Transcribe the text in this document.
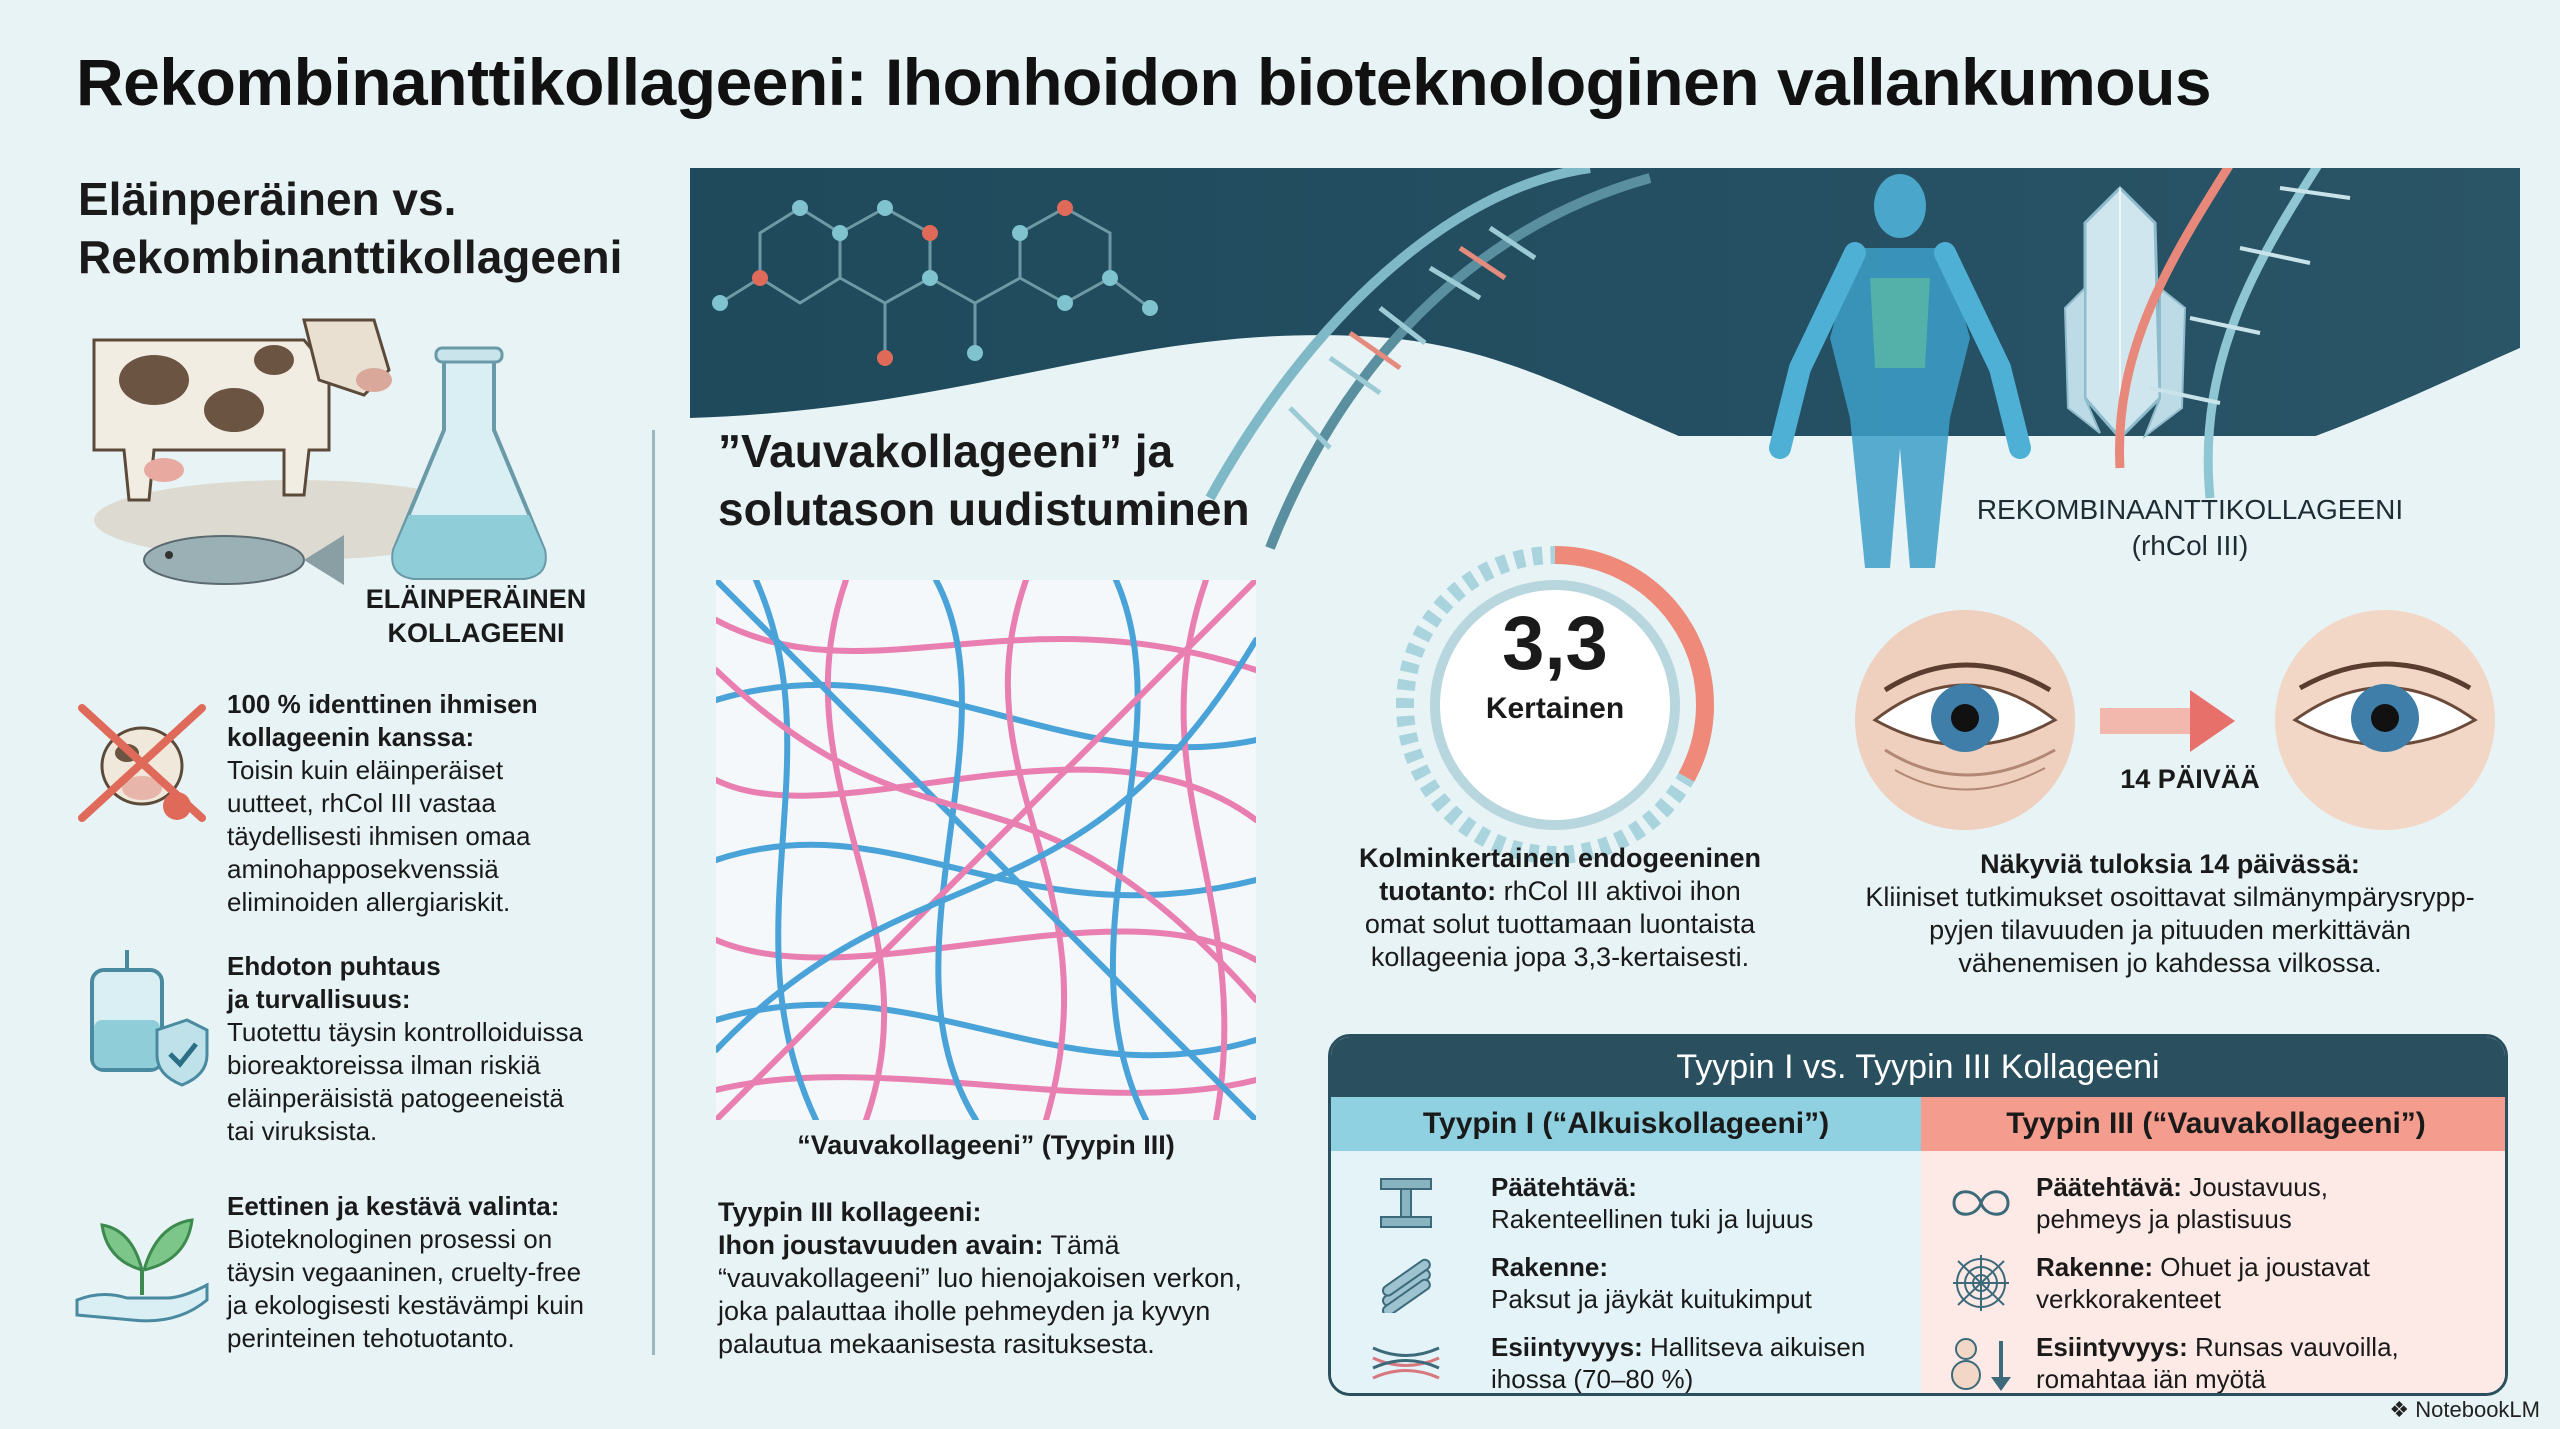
Rekombinanttikollageeni: Ihonhoidon bioteknologinen vallankumous
REKOMBINAANTTIKOLLAGEENI
(rhCol III)
Eläinperäinen vs.
Rekombinanttikollageeni
ELÄINPERÄINEN
KOLLAGEENI
100 % identtinen ihmisen
kollageenin kanssa:
Toisin kuin eläinperäiset
uutteet, rhCol III vastaa
täydellisesti ihmisen omaa
aminohapposekvenssiä
eliminoiden allergiariskit.
Ehdoton puhtaus
ja turvallisuus:
Tuotettu täysin kontrolloiduissa
bioreaktoreissa ilman riskiä
eläinperäisistä patogeeneistä
tai viruksista.
Eettinen ja kestävä valinta:
Bioteknologinen prosessi on
täysin vegaaninen, cruelty-free
ja ekologisesti kestävämpi kuin
perinteinen tehotuotanto.
”Vauvakollageeni” ja
solutason uudistuminen
“Vauvakollageeni” (Tyypin III)
Tyypin III kollageeni:
Ihon joustavuuden avain: Tämä
“vauvakollageeni” luo hienojakoisen verkon,
joka palauttaa iholle pehmeyden ja kyvyn
palautua mekaanisesta rasituksesta.
3,3
Kertainen
Kolminkertainen endogeeninen
tuotanto: rhCol III aktivoi ihon
omat solut tuottamaan luontaista
kollageenia jopa 3,3-kertaisesti.
14 PÄIVÄÄ
Näkyviä tuloksia 14 päivässä:
Kliiniset tutkimukset osoittavat silmänympärysrypp-
pyjen tilavuuden ja pituuden merkittävän
vähenemisen jo kahdessa vilkossa.
Tyypin I vs. Tyypin III Kollageeni
Tyypin I (“Alkuiskollageeni”)
Päätehtävä:
Rakenteellinen tuki ja lujuus
Rakenne:
Paksut ja jäykät kuitukimput
Esiintyvyys: Hallitseva aikuisen
ihossa (70–80 %)
Tyypin III (“Vauvakollageeni”)
Päätehtävä: Joustavuus,
pehmeys ja plastisuus
Rakenne: Ohuet ja joustavat
verkkorakenteet
Esiintyvyys: Runsas vauvoilla,
romahtaa iän myötä
❖ NotebookLM
